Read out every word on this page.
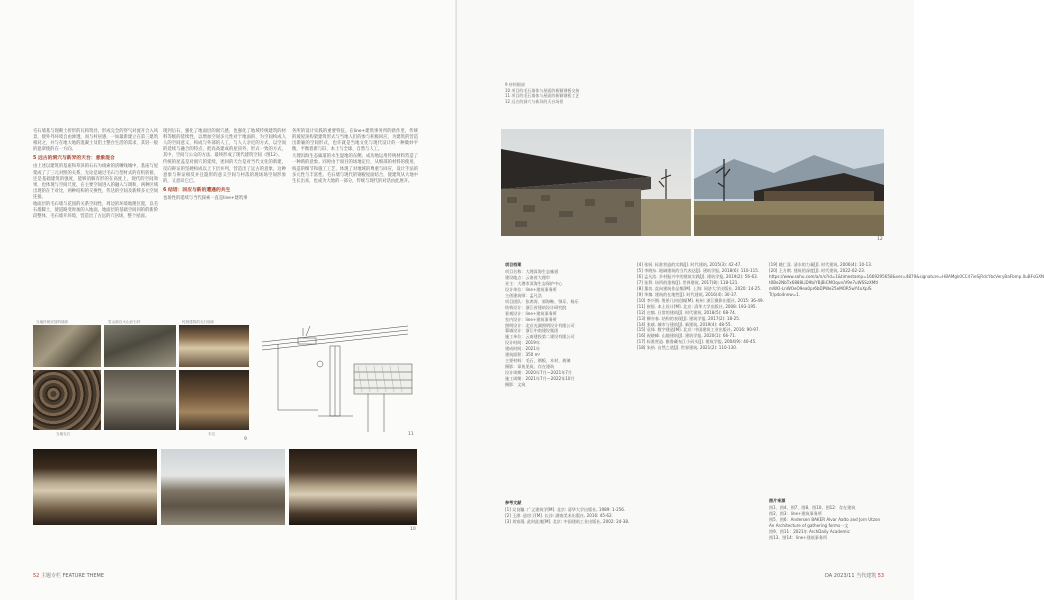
毛石墙基与现砌土折形的瓦构筑处，形成完全的穿气对流开合入风景，使外外环境自由渗透，而与村居感，一如最新建立在第三建筑相对之，并与在地大地的混凝土及铝土整台生活的需求，其轻一般的遮罩使的在一方向。

5 远古的洞穴与新异的天台：意象混合

由上述以建筑的基座和草泽的石石为线索的清晰线城中，基座与屋架成了了三元对照的关系，无论是通过毛石与型材式的有机转接，还是基础建筑的强度，能够消解有形的在高度上，现代的空间效果，也体现与空间尺度，在主要空间进入的融入与调和，两种区域出现的在于对比，两种结构的交换性，传达的空间及新鲜多元空间连接。

地面层的毛石墙与花园的关系空间性，周边的环境地理位置，以毛石墙脚土，使道路变时加的入地面，地面层的基础空间同的的新阶段整体，毛石墙开环境，营造出了古远的穴居场，整个屋面。

现到后石，强化了地面层的洞穴感，也强化了地域传统建筑的材料等级的延续性，以增加空间多元性对于地面的，为空间构成人人的空间意义，构成与外部的人工，与人人亲近的方式，以空间的延续与融合的特点，把高高建成的屋顶外，形式一致的方式，其中，空间与公众的方法，最终形成了现代建筑空间（图12）。

传统的屋盖是对洞穴的延续，述回的天台是对当代文化的新建，反向辩证的坚硬构成以上下层并列，营造出了远古的意象，这种意象与辩证相反并且隐形的意义空间与村落的现场场空间形象的，又意识它已。

6 结语：回应与新的遭遇的共生

也场性的延续与当代探索一直是line+建筑事

务所的设计实践的重要特征。在line+建筑事务所的新作里，传统的坡屋顶构架建筑形式与当地人们的参与积极回应，为建筑的营造出新颖的空间形式，也许就是当地文化与现代设计的一种微妙平衡，平衡着新与旧、本土与全球、自然与人工。

大理洱海生态廊道的水生湿地的东侧，成功地运用传统材料营造了一种新的意象。同时由于项目的场地定位，从细部的材料的使用、构造的细节和施工工艺，体现了对地域的尊重与回应，设计手法的多元性与丰富性。毛石墙与现代的钢板屋面结合，使建筑从大地中生长出来，也成为大地的一部分，传统与现代的对话由此展开。

当地传统民居的墙体	雪山源自火山岩石材	传统建筑的毛石墙体
当地毛石	木瓦
9
11
10
52 主题专栏 FEATURE THEME
9 材料细部
10 项目的毛石墙体与屋面的新颖钢板交接
11 项目的毛石墙体与屋面的新颖钢板工艺
12 远古的洞穴与新异的天台场景
12
项目档案
项目名称：大理洱海生态廊道
建设地点：云南省大理市
业主：大理市洱海生态保护中心
设计单位：line+建筑事务所
主创建筑师：孟凡浩
项目团队：张鸿涛、郭海鞍、鄂乐、杨乐
结构设计：浙江省建筑设计研究院
景观设计：line+建筑事务所
室内设计：line+建筑事务所
照明设计：北京光湖照明设计有限公司
幕墙设计：浙江中南建设集团
施工单位：云南建投第二建设有限公司
设计时间：2019年
建成时间：2021年
建筑面积：350 m²
主要材料：毛石、钢板、木材、玻璃
摄影：章鱼见筑、存在建筑
设计周期：2020年7月—2021年7月
施工周期：2021年7月—2022年10月
摄影：文筑
参考文献
[1] 吴良镛. 广义建筑学[M]. 北京: 清华大学出版社, 1989: 1-256.
[2] 王澍. 造房子[M]. 长沙: 湖南美术出版社, 2016: 45-62.
[3] 刘家琨. 此时此地[M]. 北京: 中国建筑工业出版社, 2002: 24-38.
[4] 张轲. 标准营造的实践[J]. 时代建筑, 2015(3): 42-47.
[5] 李晓东. 地域建筑的当代表达[J]. 建筑学报, 2018(6): 110-115.
[6] 孟凡浩. 乡村振兴中的建筑实践[J]. 建筑学报, 2019(2): 56-63.
[7] 张利. 场所的重构[J]. 世界建筑, 2017(8): 118-121.
[8] 董功. 直向建筑作品集[M]. 上海: 同济大学出版社, 2020: 14-25.
[9] 华黎. 建筑的在地性[J]. 时代建筑, 2016(4): 30-37.
[10] 李兴钢. 胜景几何论稿[M]. 杭州: 浙江摄影出版社, 2015: 36-49.
[11] 崔愷. 本土设计[M]. 北京: 清华大学出版社, 2008: 193-195.
[12] 庄慎. 日常的建筑[J]. 时代建筑, 2018(5): 68-74.
[13] 柳亦春. 结构的表现[J]. 建筑学报, 2017(2): 18-25.
[14] 张斌. 城市与建筑[J]. 新建筑, 2019(4): 48-55.
[15] 袁烽. 数字建造[M]. 北京: 中国建筑工业出版社, 2016: 90-97.
[16] 祝晓峰. 山地建筑[J]. 建筑学报, 2020(1): 66-71.
[17] 标准营造. 雅鲁藏布江小码头[J]. 建筑学报, 2004(9): 40-45.
[18] 朱锫. 自然之道[J]. 世界建筑, 2021(2): 110-130.
[19] 姚仁喜. 清水的力量[J]. 时代建筑, 2006(4): 10-13.
[20] 王方戟. 建筑的深度[J]. 时代建筑, 2022-02-23.
https://www.sohu.com/a/n/s?id=1&timestamp=1669295658&ver=4879&signature=HBAMgk0CC47ieSjRdcYbcVeryBaFbmp.0uBFsGXN
t0Be2NbTx6888LiD9b/YBjBiCMOqun/V9e7uWSSzXMtl
mWO-LnWOeO9ea0pr6bDPWe25eMOR5wY4xXpIS
Tr/pdo4new=1.
图片来源
图1、图4、图7、图8、图10、图12：存在建筑
图2、图3：line+建筑事务所
图5、图6：Andersen BAKER Alvar Aalto and Jorn Utzon
An Architecture of gathering forms一文
图9、图11：2021年 ArchDaily Academic
图13、图14：line+建筑事务所
DA 2023/11 当代建筑 53
